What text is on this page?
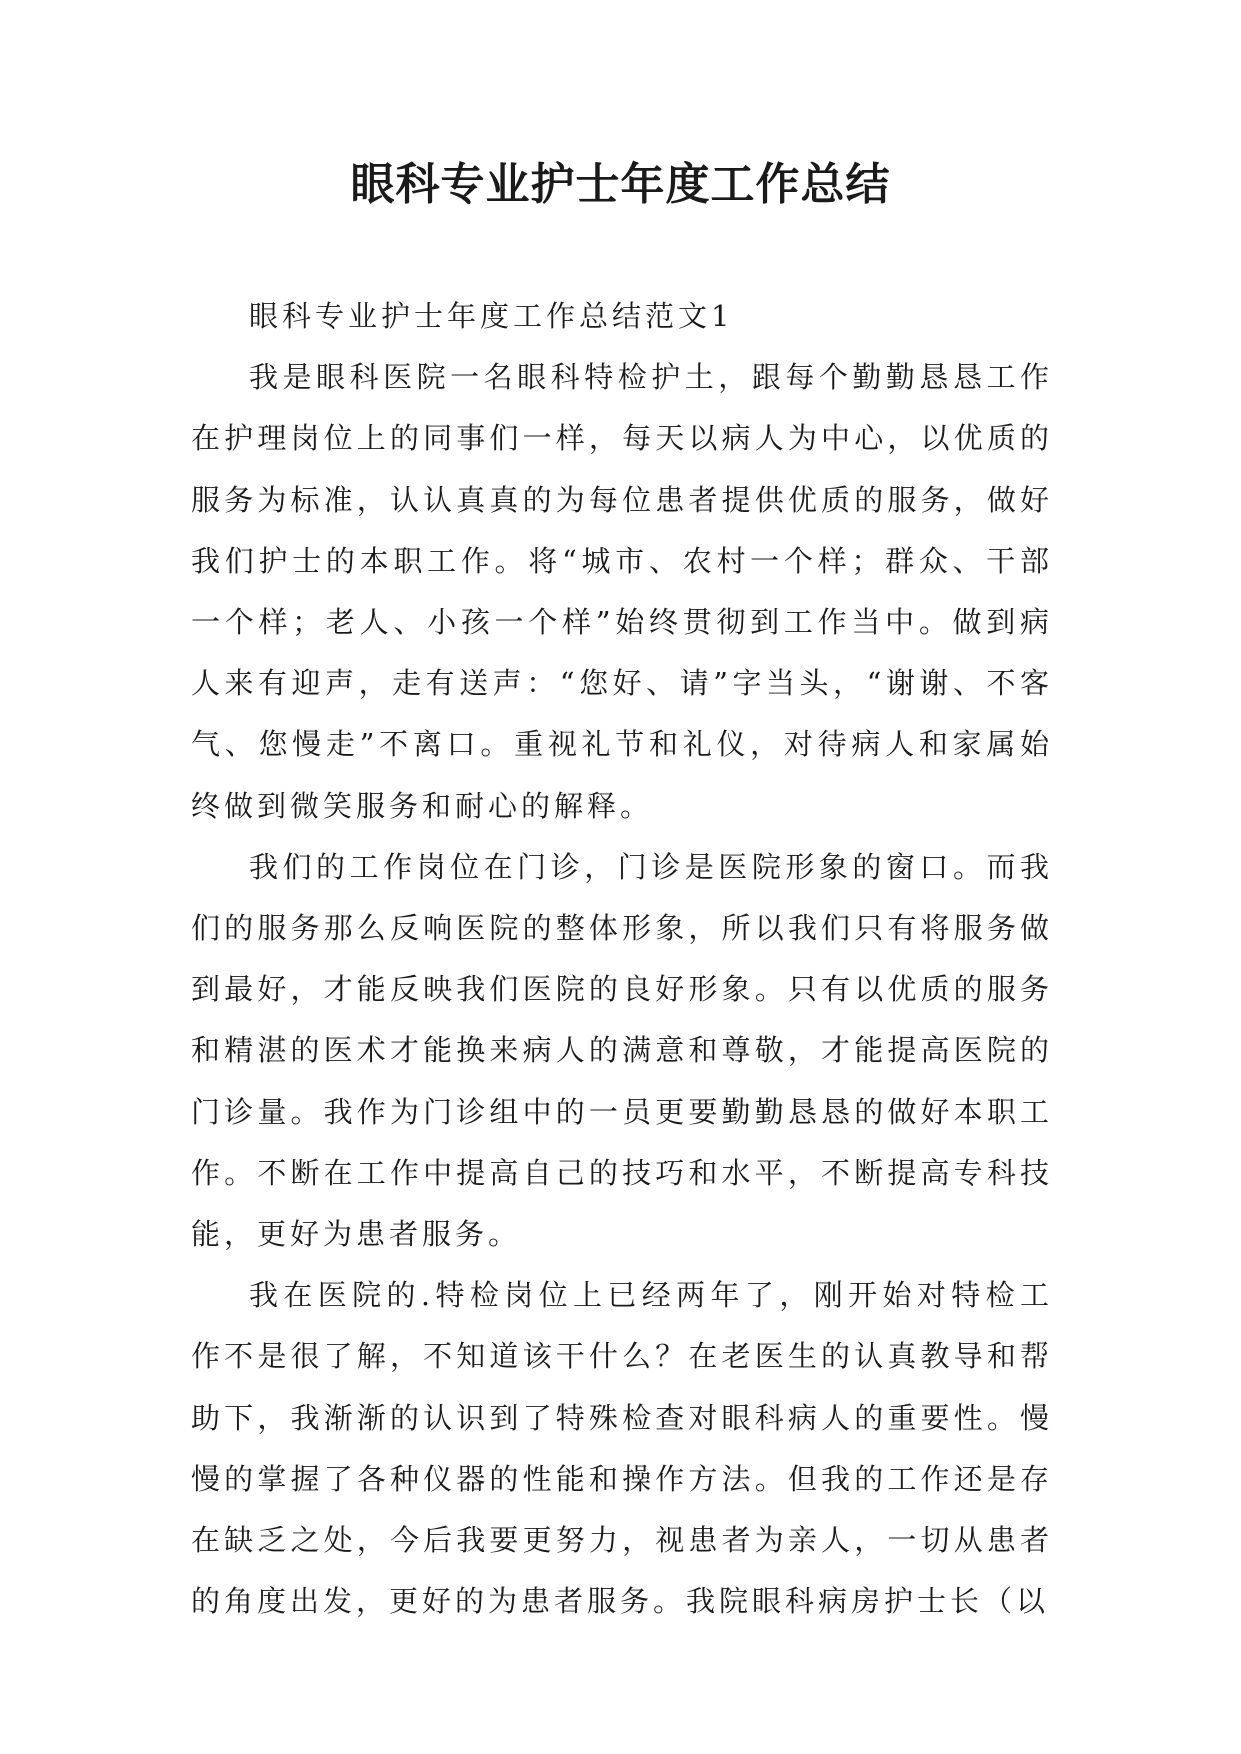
眼科专业护士年度工作总结

眼科专业护士年度工作总结范文1

我是眼科医院一名眼科特检护土，跟每个勤勤恳恳工作在护理岗位上的同事们一样，每天以病人为中心，以优质的服务为标准，认认真真的为每位患者提供优质的服务，做好我们护士的本职工作。将“城市、农村一个样；群众、干部一个样；老人、小孩一个样”始终贯彻到工作当中。做到病人来有迎声，走有送声：“您好、请”字当头，“谢谢、不客气、您慢走”不离口。重视礼节和礼仪，对待病人和家属始终做到微笑服务和耐心的解释。

我们的工作岗位在门诊，门诊是医院形象的窗口。而我们的服务那么反响医院的整体形象，所以我们只有将服务做到最好，才能反映我们医院的良好形象。只有以优质的服务和精湛的医术才能换来病人的满意和尊敬，才能提高医院的门诊量。我作为门诊组中的一员更要勤勤恳恳的做好本职工作。不断在工作中提高自己的技巧和水平，不断提高专科技能，更好为患者服务。

我在医院的.特检岗位上已经两年了，刚开始对特检工作不是很了解，不知道该干什么？在老医生的认真教导和帮助下，我渐渐的认识到了特殊检查对眼科病人的重要性。慢慢的掌握了各种仪器的性能和操作方法。但我的工作还是存在缺乏之处，今后我要更努力，视患者为亲人，一切从患者的角度出发，更好的为患者服务。我院眼科病房护士长（以
